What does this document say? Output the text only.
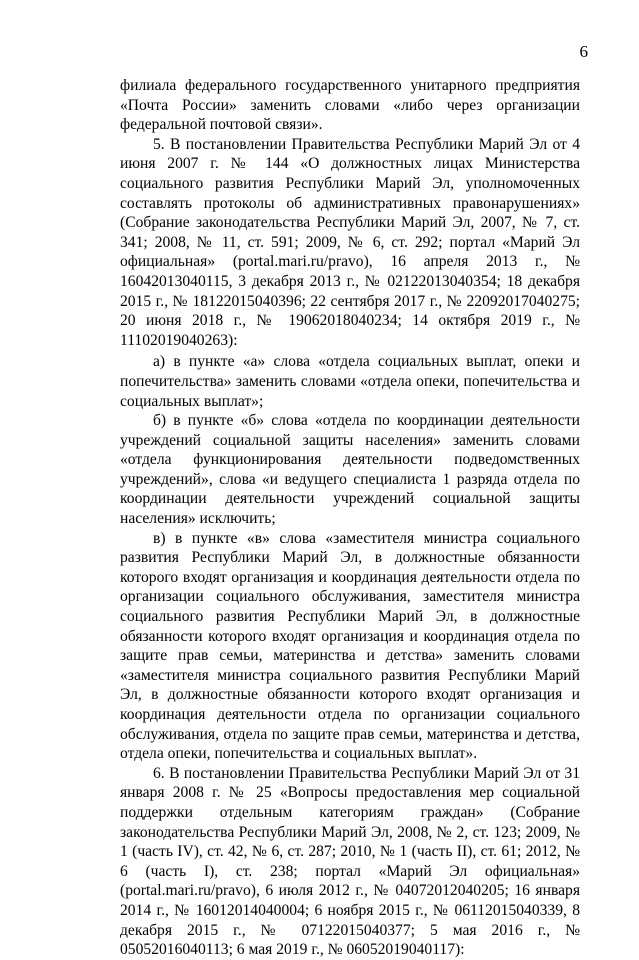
6

филиала федерального государственного унитарного предприятия «Почта России» заменить словами «либо через организации федеральной почтовой связи».

5. В постановлении Правительства Республики Марий Эл от 4 июня 2007 г. № 144 «О должностных лицах Министерства социального развития Республики Марий Эл, уполномоченных составлять протоколы об административных правонарушениях» (Собрание законодательства Республики Марий Эл, 2007, № 7, ст. 341; 2008, № 11, ст. 591; 2009, № 6, ст. 292; портал «Марий Эл официальная» (portal.mari.ru/pravo), 16 апреля 2013 г., № 16042013040115, 3 декабря 2013 г., № 02122013040354; 18 декабря 2015 г., № 18122015040396; 22 сентября 2017 г., № 22092017040275; 20 июня 2018 г., № 19062018040234; 14 октября 2019 г., № 11102019040263):

а) в пункте «а» слова «отдела социальных выплат, опеки и попечительства» заменить словами «отдела опеки, попечительства и социальных выплат»;

б) в пункте «б» слова «отдела по координации деятельности учреждений социальной защиты населения» заменить словами «отдела функционирования деятельности подведомственных учреждений», слова «и ведущего специалиста 1 разряда отдела по координации деятельности учреждений социальной защиты населения» исключить;

в) в пункте «в» слова «заместителя министра социального развития Республики Марий Эл, в должностные обязанности которого входят организация и координация деятельности отдела по организации социального обслуживания, заместителя министра социального развития Республики Марий Эл, в должностные обязанности которого входят организация и координация отдела по защите прав семьи, материнства и детства» заменить словами «заместителя министра социального развития Республики Марий Эл, в должностные обязанности которого входят организация и координация деятельности отдела по организации социального обслуживания, отдела по защите прав семьи, материнства и детства, отдела опеки, попечительства и социальных выплат».

6. В постановлении Правительства Республики Марий Эл от 31 января 2008 г. № 25 «Вопросы предоставления мер социальной поддержки отдельным категориям граждан» (Собрание законодательства Республики Марий Эл, 2008, № 2, ст. 123; 2009, № 1 (часть IV), ст. 42, № 6, ст. 287; 2010, № 1 (часть II), ст. 61; 2012, № 6 (часть I), ст. 238; портал «Марий Эл официальная» (portal.mari.ru/pravo), 6 июля 2012 г., № 04072012040205; 16 января 2014 г., № 16012014040004; 6 ноября 2015 г., № 06112015040339, 8 декабря 2015 г., № 07122015040377; 5 мая 2016 г., № 05052016040113; 6 мая 2019 г., № 06052019040117):
